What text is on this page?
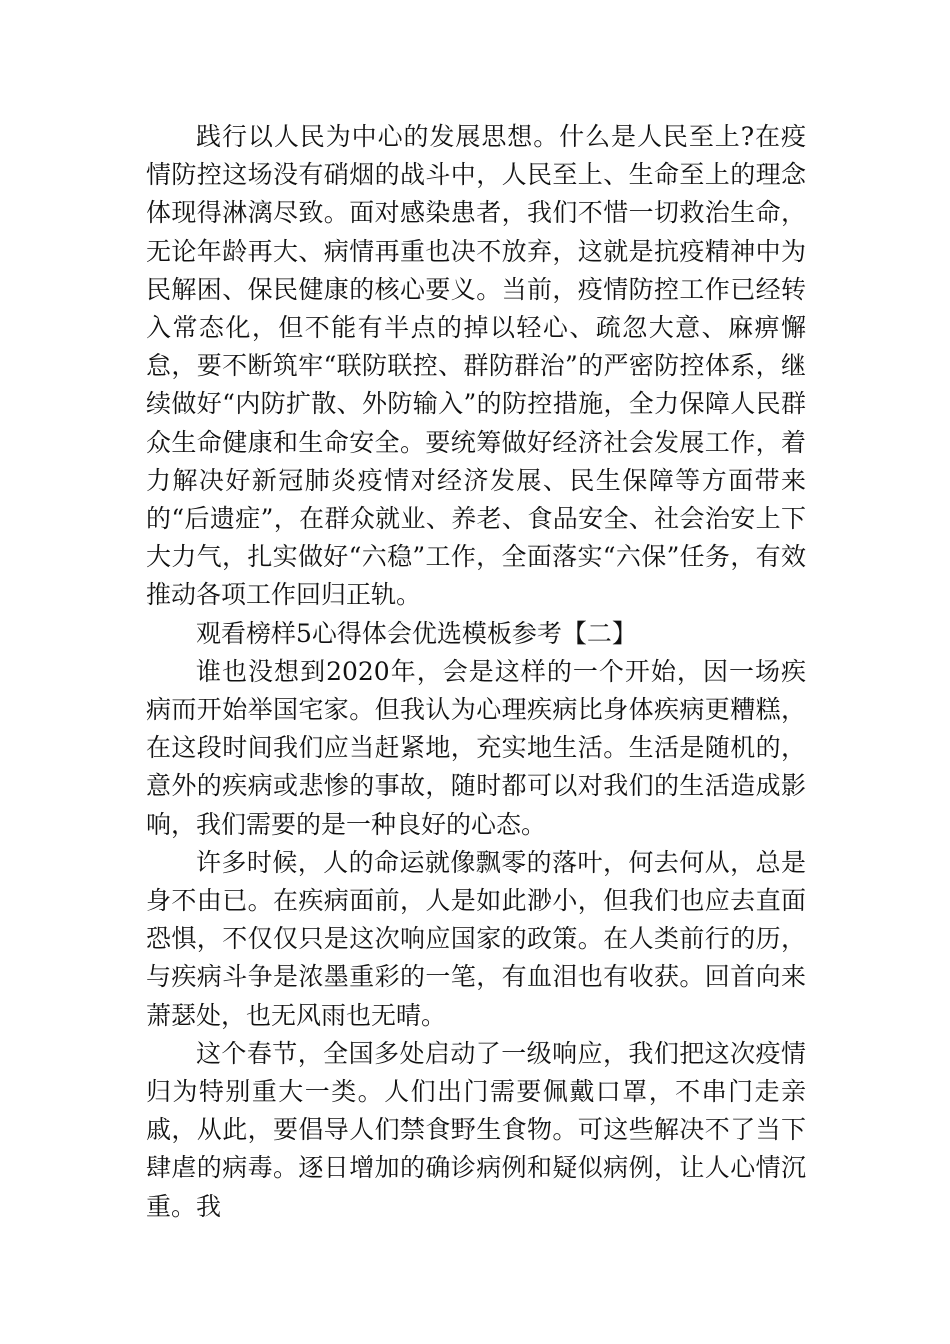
践行以人民为中心的发展思想。什么是人民至上?在疫情防控这场没有硝烟的战斗中，人民至上、生命至上的理念体现得淋漓尽致。面对感染患者，我们不惜一切救治生命，无论年龄再大、病情再重也决不放弃，这就是抗疫精神中为民解困、保民健康的核心要义。当前，疫情防控工作已经转入常态化，但不能有半点的掉以轻心、疏忽大意、麻痹懈怠，要不断筑牢“联防联控、群防群治”的严密防控体系，继续做好“内防扩散、外防输入”的防控措施，全力保障人民群众生命健康和生命安全。要统筹做好经济社会发展工作，着力解决好新冠肺炎疫情对经济发展、民生保障等方面带来的“后遗症”，在群众就业、养老、食品安全、社会治安上下大力气，扎实做好“六稳”工作，全面落实“六保”任务，有效推动各项工作回归正轨。

观看榜样5心得体会优选模板参考【二】

谁也没想到2020年，会是这样的一个开始，因一场疾病而开始举国宅家。但我认为心理疾病比身体疾病更糟糕，在这段时间我们应当赶紧地，充实地生活。生活是随机的，意外的疾病或悲惨的事故，随时都可以对我们的生活造成影响，我们需要的是一种良好的心态。

许多时候，人的命运就像飘零的落叶，何去何从，总是身不由已。在疾病面前，人是如此渺小，但我们也应去直面恐惧，不仅仅只是这次响应国家的政策。在人类前行的历，与疾病斗争是浓墨重彩的一笔，有血泪也有收获。回首向来萧瑟处，也无风雨也无晴。

这个春节，全国多处启动了一级响应，我们把这次疫情归为特别重大一类。人们出门需要佩戴口罩，不串门走亲戚，从此，要倡导人们禁食野生食物。可这些解决不了当下肆虐的病毒。逐日增加的确诊病例和疑似病例，让人心情沉重。我
